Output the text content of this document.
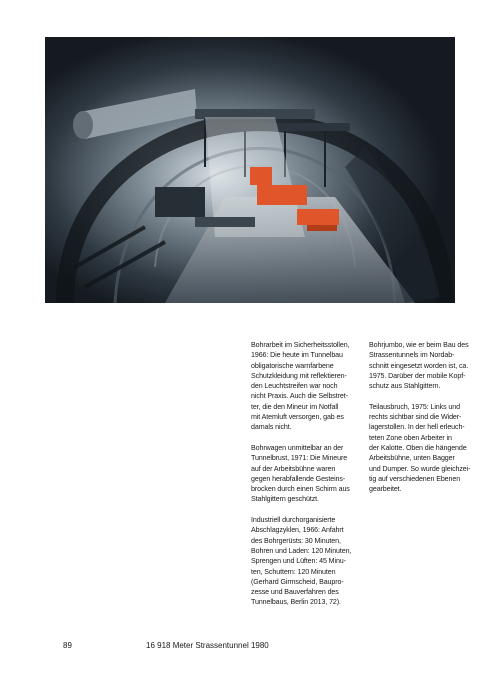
Bohrarbeit im Sicherheitsstollen,
1966: Die heute im Tunnelbau
obligatorische warnfarbene
Schutzkleidung mit reflektieren-
den Leuchtstreifen war noch
nicht Praxis. Auch die Selbstret-
ter, die den Mineur im Notfall
mit Atemluft versorgen, gab es
damals nicht.

Bohrwagen unmittelbar an der
Tunnelbrust, 1971: Die Mineure
auf der Arbeitsbühne waren
gegen herabfallende Gesteins-
brocken durch einen Schirm aus
Stahlgittern geschützt.

Industriell durchorganisierte
Abschlagzyklen, 1966: Anfahrt
des Bohrgerüsts: 30 Minuten,
Bohren und Laden: 120 Minuten,
Sprengen und Lüften: 45 Minu-
ten, Schuttern: 120 Minuten
(Gerhard Girmscheid, Baupro-
zesse und Bauverfahren des
Tunnelbaus, Berlin 2013, 72).

Bohrjumbo, wie er beim Bau des
Strassentunnels im Nordab-
schnitt eingesetzt worden ist, ca.
1975. Darüber der mobile Kopf-
schutz aus Stahlgittern.

Teilausbruch, 1975: Links und
rechts sichtbar sind die Wider-
lagerstollen. In der hell erleuch-
teten Zone oben Arbeiter in
der Kalotte. Oben die hängende
Arbeitsbühne, unten Bagger
und Dumper. So wurde gleichzei-
tig auf verschiedenen Ebenen
gearbeitet.

89	16 918 Meter Strassentunnel 1980
